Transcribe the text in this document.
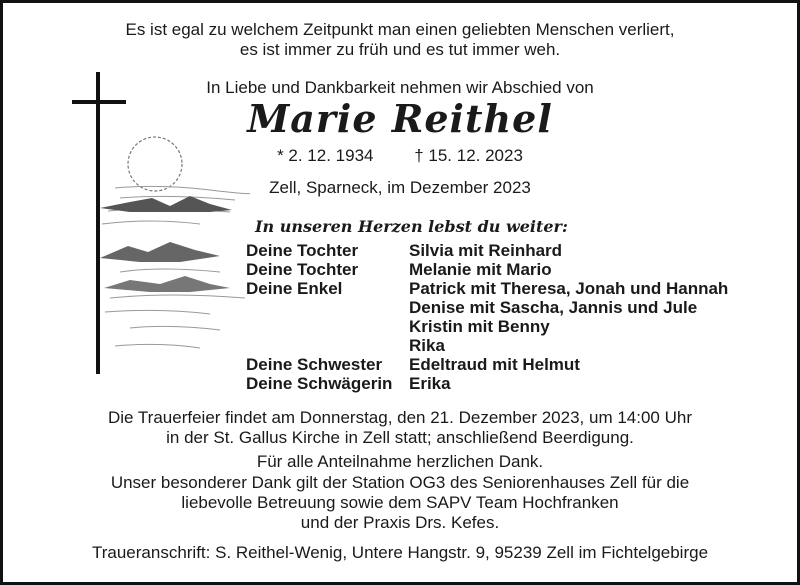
Es ist egal zu welchem Zeitpunkt man einen geliebten Menschen verliert,
es ist immer zu früh und es tut immer weh.
In Liebe und Dankbarkeit nehmen wir Abschied von
Marie Reithel
* 2. 12. 1934 † 15. 12. 2023
Zell, Sparneck, im Dezember 2023
In unseren Herzen lebst du weiter:
Deine Tochter	Silvia mit Reinhard
Deine Tochter	Melanie mit Mario
Deine Enkel	Patrick mit Theresa, Jonah und Hannah
Denise mit Sascha, Jannis und Jule
Kristin mit Benny
Rika
Deine Schwester	Edeltraud mit Helmut
Deine Schwägerin Erika
Die Trauerfeier findet am Donnerstag, den 21. Dezember 2023, um 14:00 Uhr
in der St. Gallus Kirche in Zell statt; anschließend Beerdigung.
Für alle Anteilnahme herzlichen Dank.
Unser besonderer Dank gilt der Station OG3 des Seniorenhauses Zell für die
liebevolle Betreuung sowie dem SAPV Team Hochfranken
und der Praxis Drs. Kefes.
Traueranschrift: S. Reithel-Wenig, Untere Hangstr. 9, 95239 Zell im Fichtelgebirge
